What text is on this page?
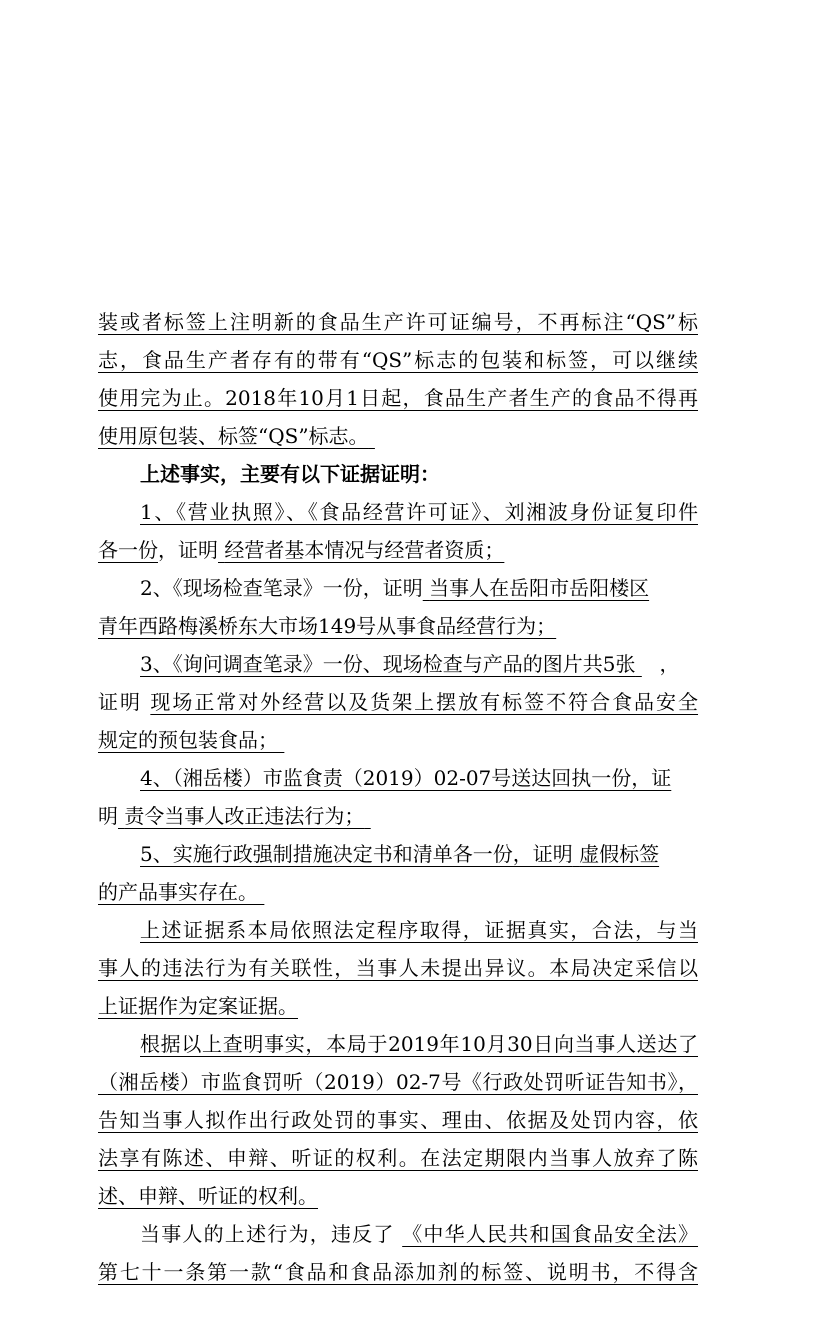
装或者标签上注明新的食品生产许可证编号，不再标注“QS”标
志，食品生产者存有的带有“QS”标志的包装和标签，可以继续
使用完为止。2018年10月1日起，食品生产者生产的食品不得再
使用原包装、标签“QS”标志。
上述事实，主要有以下证据证明：
1、《营业执照》、《食品经营许可证》、刘湘波身份证复印件
各一份，证明 经营者基本情况与经营者资质；
2、《现场检查笔录》一份，证明 当事人在岳阳市岳阳楼区
青年西路梅溪桥东大市场149号从事食品经营行为；
3、《询问调查笔录》一份、现场检查与产品的图片共5张 ，
证明 现场正常对外经营以及货架上摆放有标签不符合食品安全
规定的预包装食品；
4、（湘岳楼）市监食责（2019）02-07号送达回执一份，证
明 责令当事人改正违法行为；
5、实施行政强制措施决定书和清单各一份，证明 虚假标签
的产品事实存在。
上述证据系本局依照法定程序取得，证据真实，合法，与当
事人的违法行为有关联性，当事人未提出异议。本局决定采信以
上证据作为定案证据。
根据以上查明事实，本局于2019年10月30日向当事人送达了
（湘岳楼）市监食罚听（2019）02-7号《行政处罚听证告知书》，
告知当事人拟作出行政处罚的事实、理由、依据及处罚内容，依
法享有陈述、申辩、听证的权利。在法定期限内当事人放弃了陈
述、申辩、听证的权利。
当事人的上述行为，违反了 《中华人民共和国食品安全法》
第七十一条第一款“食品和食品添加剂的标签、说明书，不得含
